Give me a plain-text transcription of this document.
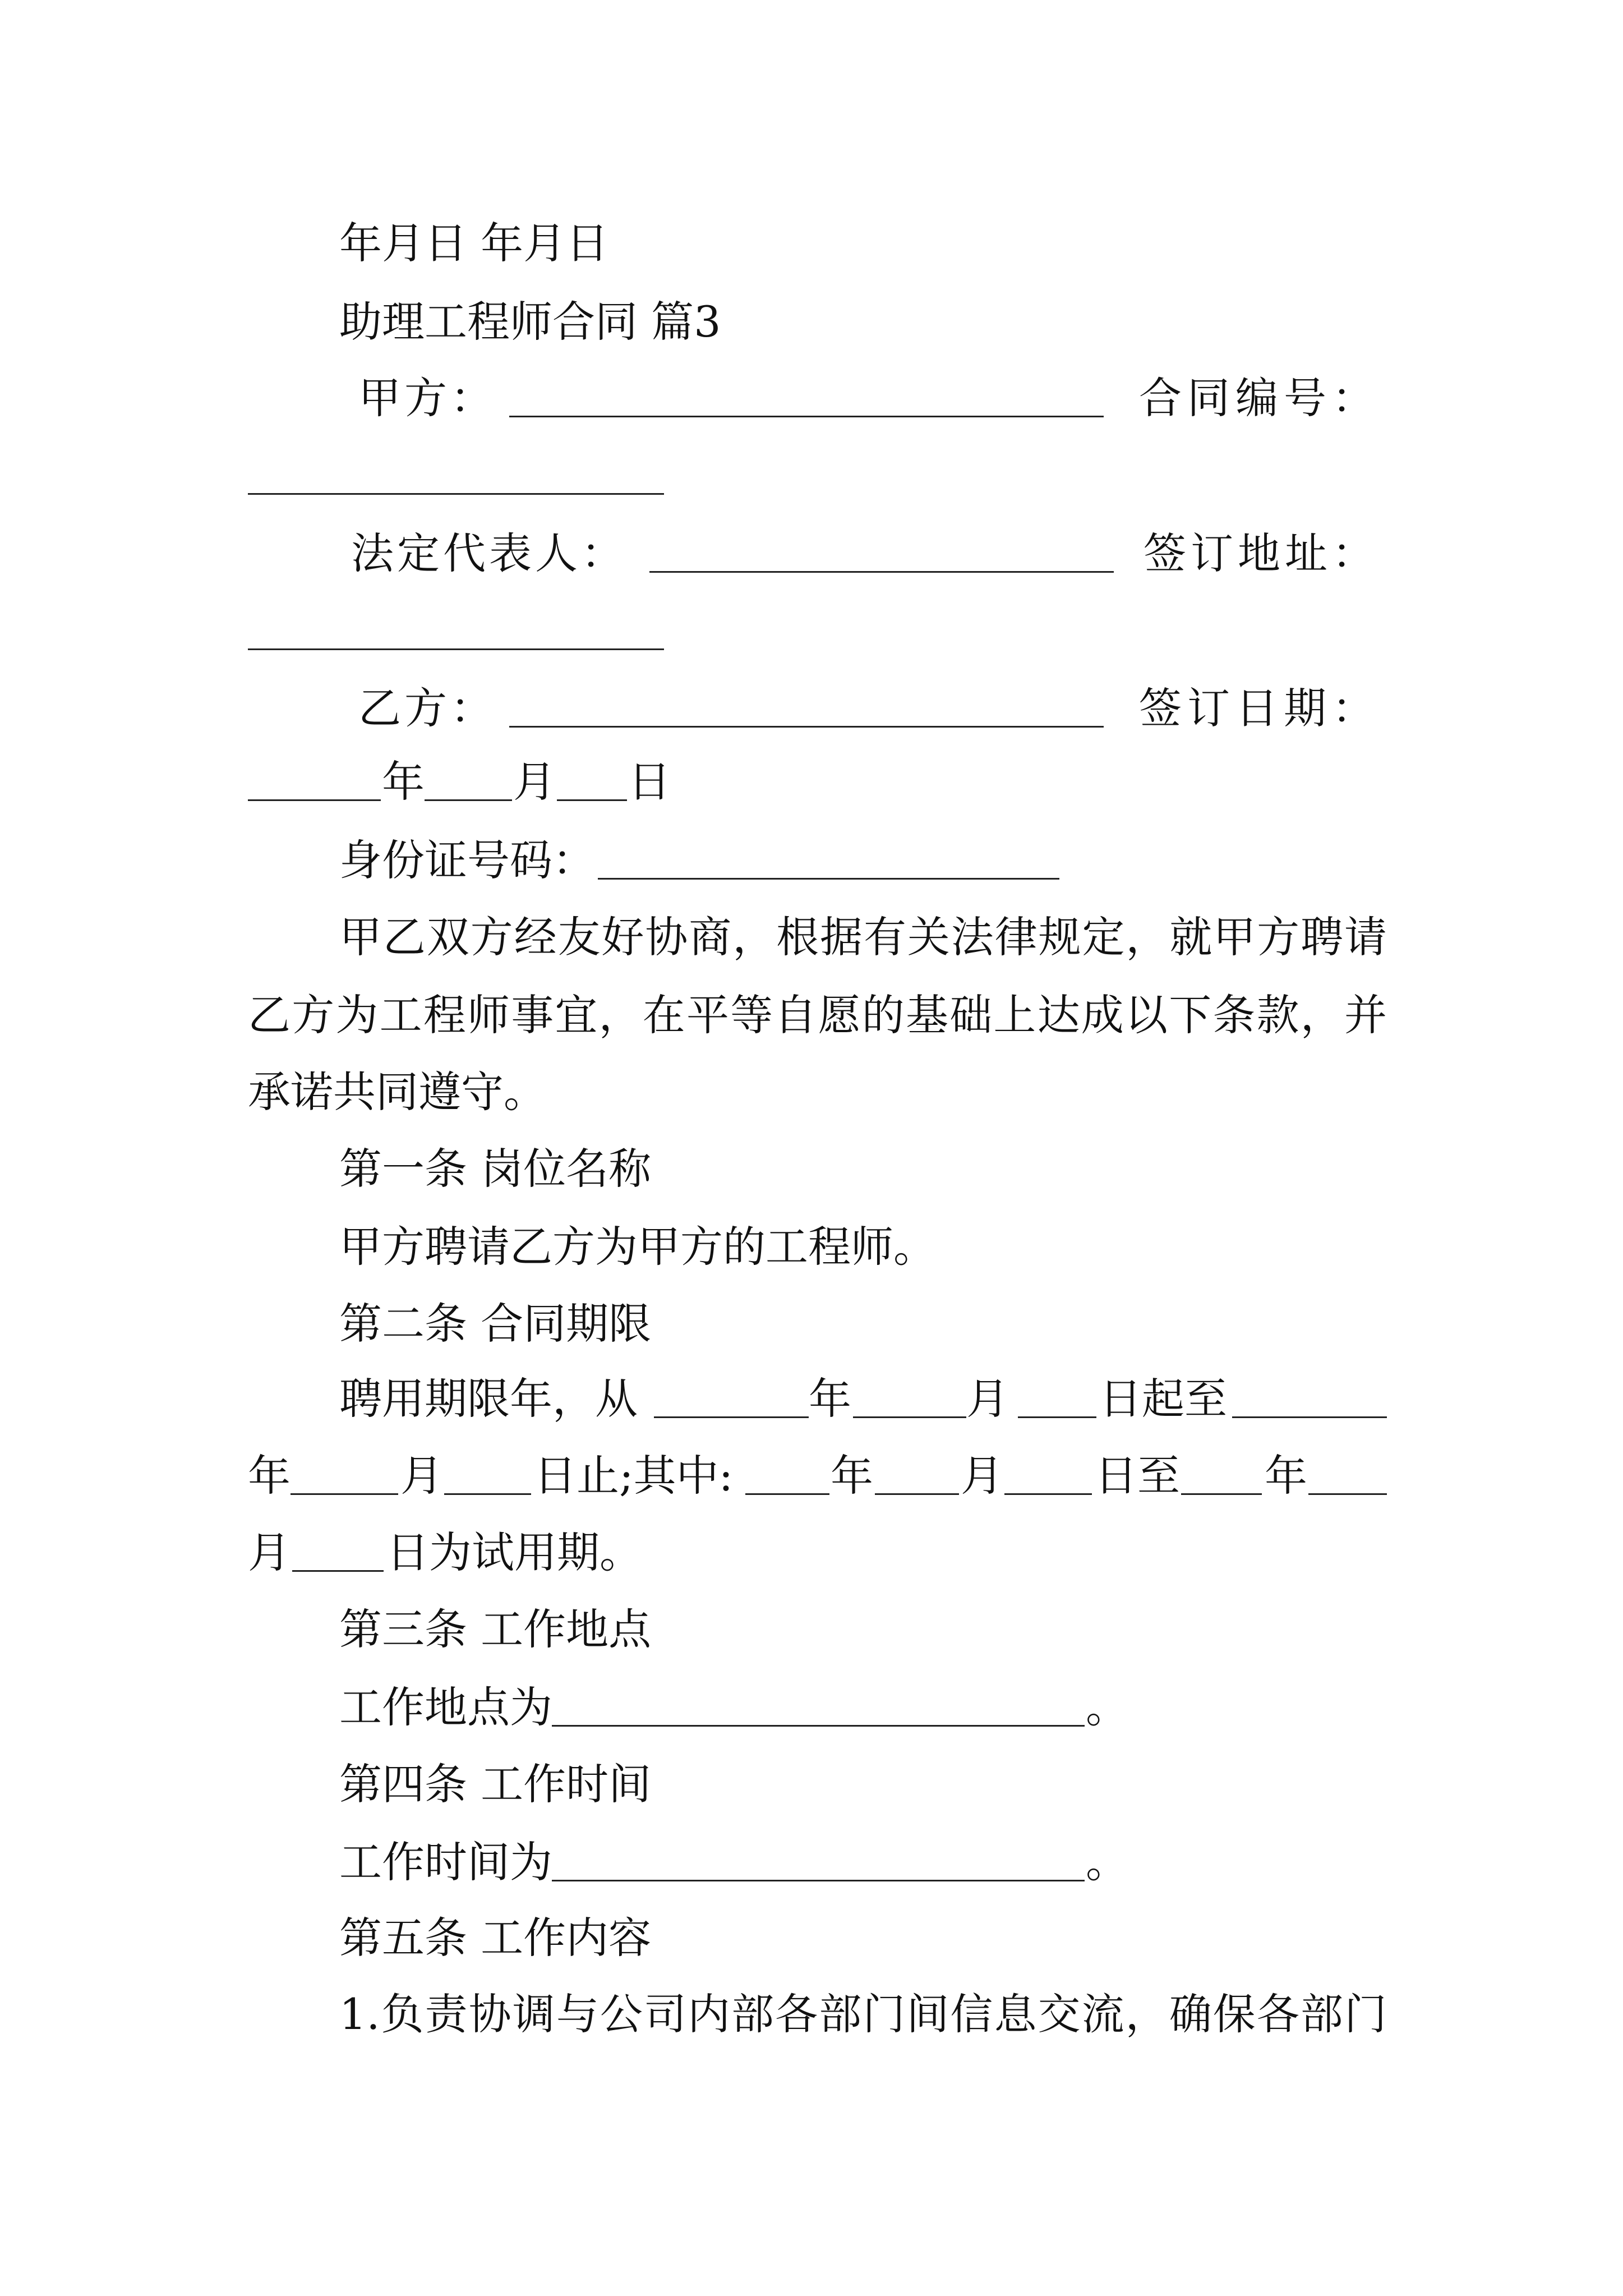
年月日 年月日
助理工程师合同 篇3
甲方：	合同编号：
法定代表人：	签订地址：
乙方：	签订日期：
年 月 日
身份证号码：
甲乙双方经友好协商，根据有关法律规定，就甲方聘请
乙方为工程师事宜，在平等自愿的基础上达成以下条款，并
承诺共同遵守。
第一条 岗位名称
甲方聘请乙方为甲方的工程师。
第二条 合同期限
聘用期限年，从	年	月 日起至
年	月 日止;其中: 年 月 日至 年
月 日为试用期。
第三条 工作地点
工作地点为	。
第四条 工作时间
工作时间为	。
第五条 工作内容
1.负责协调与公司内部各部门间信息交流，确保各部门
